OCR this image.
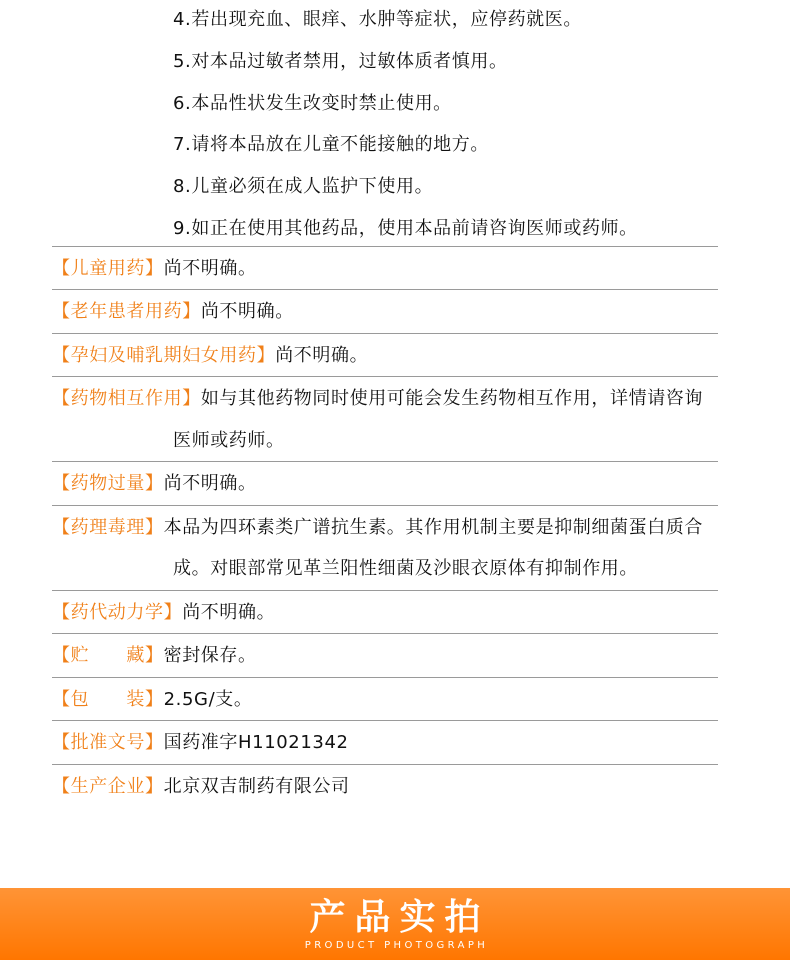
4.若出现充血、眼痒、水肿等症状，应停药就医。
5.对本品过敏者禁用，过敏体质者慎用。
6.本品性状发生改变时禁止使用。
7.请将本品放在儿童不能接触的地方。
8.儿童必须在成人监护下使用。
9.如正在使用其他药品，使用本品前请咨询医师或药师。
【儿童用药】尚不明确。
【老年患者用药】尚不明确。
【孕妇及哺乳期妇女用药】尚不明确。
【药物相互作用】如与其他药物同时使用可能会发生药物相互作用，详情请咨询医师或药师。
【药物过量】尚不明确。
【药理毒理】本品为四环素类广谱抗生素。其作用机制主要是抑制细菌蛋白质合成。对眼部常见革兰阳性细菌及沙眼衣原体有抑制作用。
【药代动力学】尚不明确。
【贮　　藏】密封保存。
【包　　装】2.5G/支。
【批准文号】国药准字H11021342
【生产企业】北京双吉制药有限公司
产品实拍
PRODUCT PHOTOGRAPH
